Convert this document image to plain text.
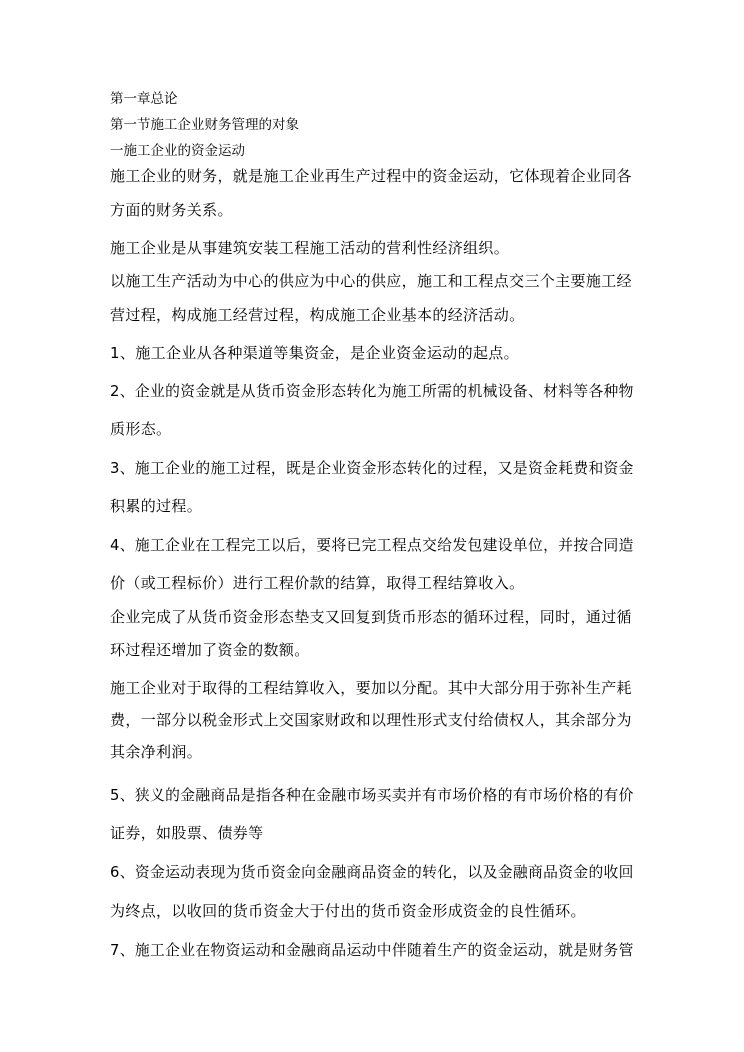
第一章总论
第一节施工企业财务管理的对象
一施工企业的资金运动
施工企业的财务，就是施工企业再生产过程中的资金运动，它体现着企业同各
方面的财务关系。
施工企业是从事建筑安装工程施工活动的营利性经济组织。
以施工生产活动为中心的供应为中心的供应，施工和工程点交三个主要施工经
营过程，构成施工经营过程，构成施工企业基本的经济活动。
1、施工企业从各种渠道等集资金，是企业资金运动的起点。
2、企业的资金就是从货币资金形态转化为施工所需的机械设备、材料等各种物
质形态。
3、施工企业的施工过程，既是企业资金形态转化的过程，又是资金耗费和资金
积累的过程。
4、施工企业在工程完工以后，要将已完工程点交给发包建设单位，并按合同造
价（或工程标价）进行工程价款的结算，取得工程结算收入。
企业完成了从货币资金形态垫支又回复到货币形态的循环过程，同时，通过循
环过程还增加了资金的数额。
施工企业对于取得的工程结算收入，要加以分配。其中大部分用于弥补生产耗
费，一部分以税金形式上交国家财政和以理性形式支付给债权人，其余部分为
其余净利润。
5、狭义的金融商品是指各种在金融市场买卖并有市场价格的有市场价格的有价
证券，如股票、债券等
6、资金运动表现为货币资金向金融商品资金的转化，以及金融商品资金的收回
为终点，以收回的货币资金大于付出的货币资金形成资金的良性循环。
7、施工企业在物资运动和金融商品运动中伴随着生产的资金运动，就是财务管
